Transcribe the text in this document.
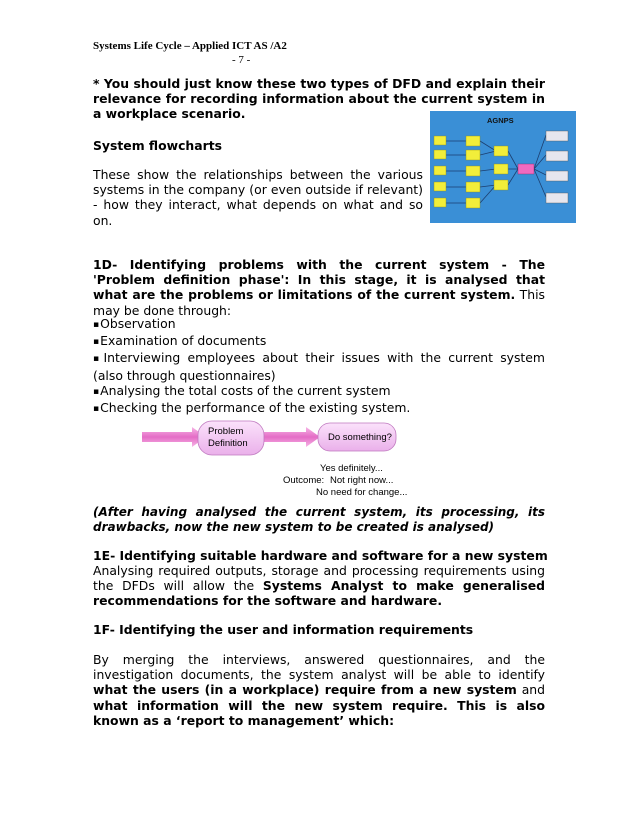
Systems Life Cycle – Applied ICT AS /A2
- 7 -
* You should just know these two types of DFD and explain their relevance for recording information about the current system in a workplace scenario.
System flowcharts
These show the relationships between the various systems in the company (or even outside if relevant) - how they interact, what depends on what and so on.
AGNPS
1D- Identifying problems with the current system - The 'Problem definition phase': In this stage, it is analysed that what are the problems or limitations of the current system. This may be done through:
▪ Observation
▪ Examination of documents
▪ Interviewing employees about their issues with the current system (also through questionnaires)
▪ Analysing the total costs of the current system
▪ Checking the performance of the existing system.
Problem
Definition
Do something?
Yes definitely...
Outcome: Not right now...
No need for change...
(After having analysed the current system, its processing, its drawbacks, now the new system to be created is analysed)
1E- Identifying suitable hardware and software for a new system
Analysing required outputs, storage and processing requirements using the DFDs will allow the Systems Analyst to make generalised recommendations for the software and hardware.
1F- Identifying the user and information requirements
By merging the interviews, answered questionnaires, and the investigation documents, the system analyst will be able to identify what the users (in a workplace) require from a new system and what information will the new system require. This is also known as a ‘report to management’ which:
